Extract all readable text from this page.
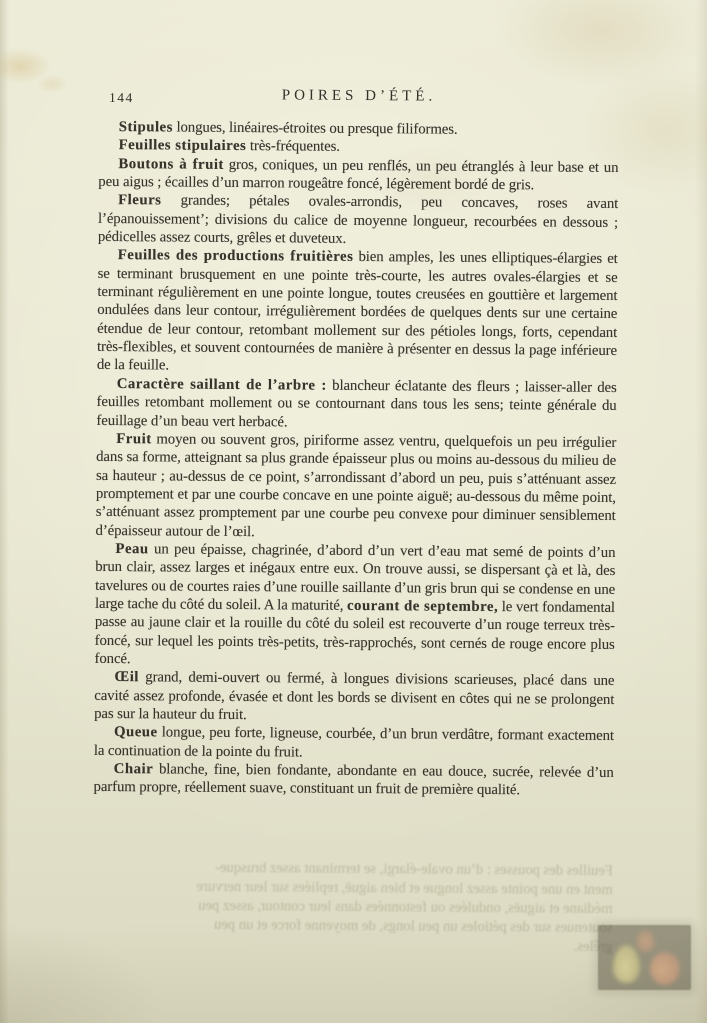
144	POIRES D’ÉTÉ.

Stipules longues, linéaires-étroites ou presque filiformes.

Feuilles stipulaires très-fréquentes.

Boutons à fruit gros, coniques, un peu renflés, un peu étranglés à leur base et un peu aigus ; écailles d’un marron rougeâtre foncé, légèrement bordé de gris.

Fleurs grandes; pétales ovales-arrondis, peu concaves, roses avant l’épanouissement’; divisions du calice de moyenne longueur, recourbées en dessous ; pédicelles assez courts, grêles et duveteux.

Feuilles des productions fruitières bien amples, les unes elliptiques-élargies et se terminant brusquement en une pointe très-courte, les autres ovales-élargies et se terminant régulièrement en une pointe longue, toutes creusées en gouttière et largement ondulées dans leur contour, irrégulièrement bordées de quelques dents sur une certaine étendue de leur contour, retombant mollement sur des pétioles longs, forts, cependant très-flexibles, et souvent contournées de manière à présenter en dessus la page inférieure de la feuille.

Caractère saillant de l’arbre : blancheur éclatante des fleurs ; laisser-aller des feuilles retombant mollement ou se contournant dans tous les sens; teinte générale du feuillage d’un beau vert herbacé.

Fruit moyen ou souvent gros, piriforme assez ventru, quelquefois un peu irrégulier dans sa forme, atteignant sa plus grande épaisseur plus ou moins au-dessous du milieu de sa hauteur ; au-dessus de ce point, s’arrondissant d’abord un peu, puis s’atténuant assez promptement et par une courbe concave en une pointe aiguë; au-dessous du même point, s’atténuant assez promptement par une courbe peu convexe pour diminuer sensiblement d’épaisseur autour de l’œil.

Peau un peu épaisse, chagrinée, d’abord d’un vert d’eau mat semé de points d’un brun clair, assez larges et inégaux entre eux. On trouve aussi, se dispersant çà et là, des tavelures ou de courtes raies d’une rouille saillante d’un gris brun qui se condense en une large tache du côté du soleil. A la maturité, courant de septembre, le vert fondamental passe au jaune clair et la rouille du côté du soleil est recouverte d’un rouge terreux très-foncé, sur lequel les points très-petits, très-rapprochés, sont cernés de rouge encore plus foncé.

Œil grand, demi-ouvert ou fermé, à longues divisions scarieuses, placé dans une cavité assez profonde, évasée et dont les bords se divisent en côtes qui ne se prolongent pas sur la hauteur du fruit.

Queue longue, peu forte, ligneuse, courbée, d’un brun verdâtre, formant exactement la continuation de la pointe du fruit.

Chair blanche, fine, bien fondante, abondante en eau douce, sucrée, relevée d’un parfum propre, réellement suave, constituant un fruit de première qualité.

Feuilles des pousses : d’un ovale-élargi, se terminant assez brusque-
ment en une pointe assez longue et bien aiguë, repliées sur leur nervure
médiane et aiguës, ondulées ou festonnées dans leur contour, assez peu
soutenues sur des pétioles un peu longs, de moyenne force et un peu
grêles.
